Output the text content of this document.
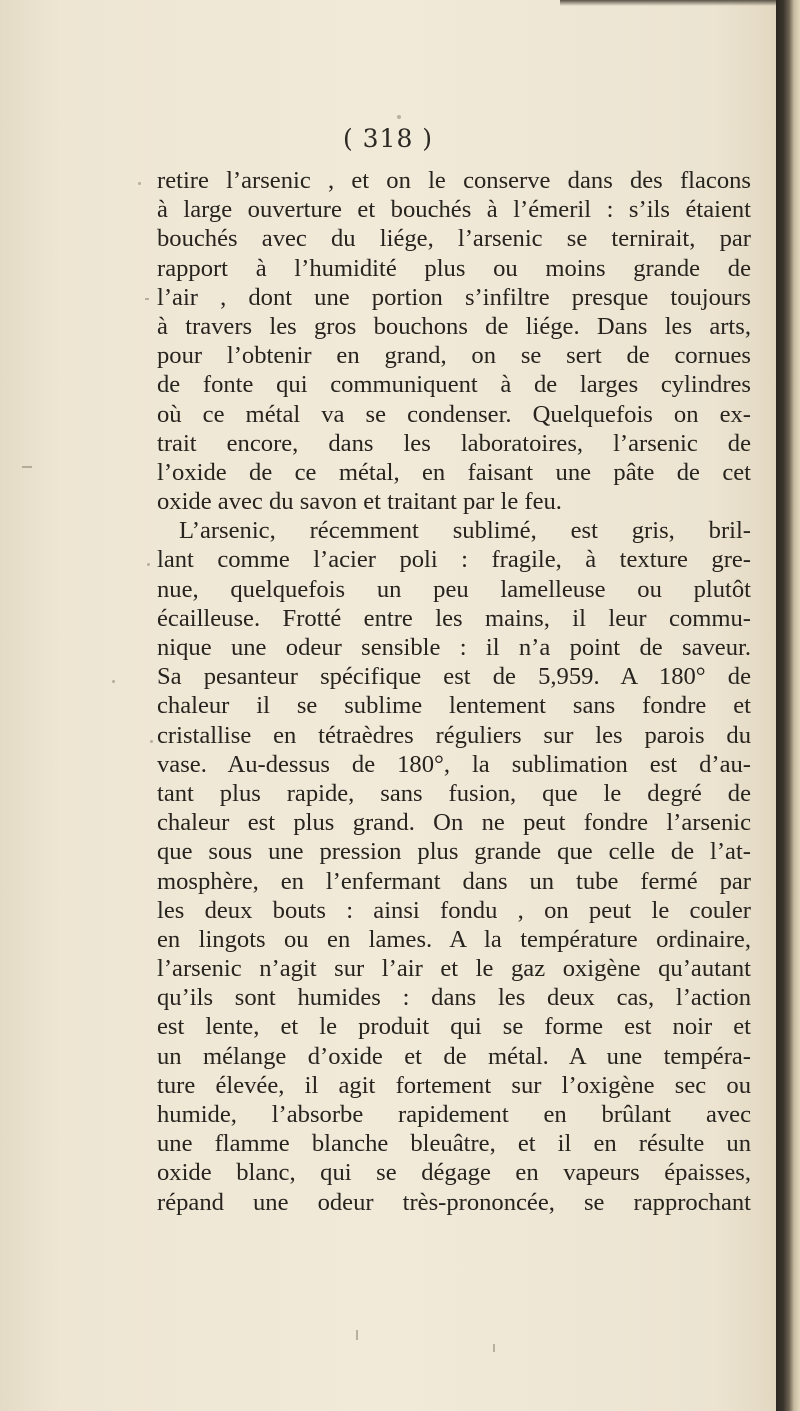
( 318 )
retire l’arsenic , et on le conserve dans des flacons
à large ouverture et bouchés à l’émeril : s’ils étaient
bouchés avec du liége, l’arsenic se ternirait, par
rapport à l’humidité plus ou moins grande de
l’air , dont une portion s’infiltre presque toujours
à travers les gros bouchons de liége. Dans les arts,
pour l’obtenir en grand, on se sert de cornues
de fonte qui communiquent à de larges cylindres
où ce métal va se condenser. Quelquefois on ex-
trait encore, dans les laboratoires, l’arsenic de
l’oxide de ce métal, en faisant une pâte de cet
oxide avec du savon et traitant par le feu.
L’arsenic, récemment sublimé, est gris, bril-
lant comme l’acier poli : fragile, à texture gre-
nue, quelquefois un peu lamelleuse ou plutôt
écailleuse. Frotté entre les mains, il leur commu-
nique une odeur sensible : il n’a point de saveur.
Sa pesanteur spécifique est de 5,959. A 180° de
chaleur il se sublime lentement sans fondre et
cristallise en tétraèdres réguliers sur les parois du
vase. Au-dessus de 180°, la sublimation est d’au-
tant plus rapide, sans fusion, que le degré de
chaleur est plus grand. On ne peut fondre l’arsenic
que sous une pression plus grande que celle de l’at-
mosphère, en l’enfermant dans un tube fermé par
les deux bouts : ainsi fondu , on peut le couler
en lingots ou en lames. A la température ordinaire,
l’arsenic n’agit sur l’air et le gaz oxigène qu’autant
qu’ils sont humides : dans les deux cas, l’action
est lente, et le produit qui se forme est noir et
un mélange d’oxide et de métal. A une tempéra-
ture élevée, il agit fortement sur l’oxigène sec ou
humide, l’absorbe rapidement en brûlant avec
une flamme blanche bleuâtre, et il en résulte un
oxide blanc, qui se dégage en vapeurs épaisses,
répand une odeur très-prononcée, se rapprochant
